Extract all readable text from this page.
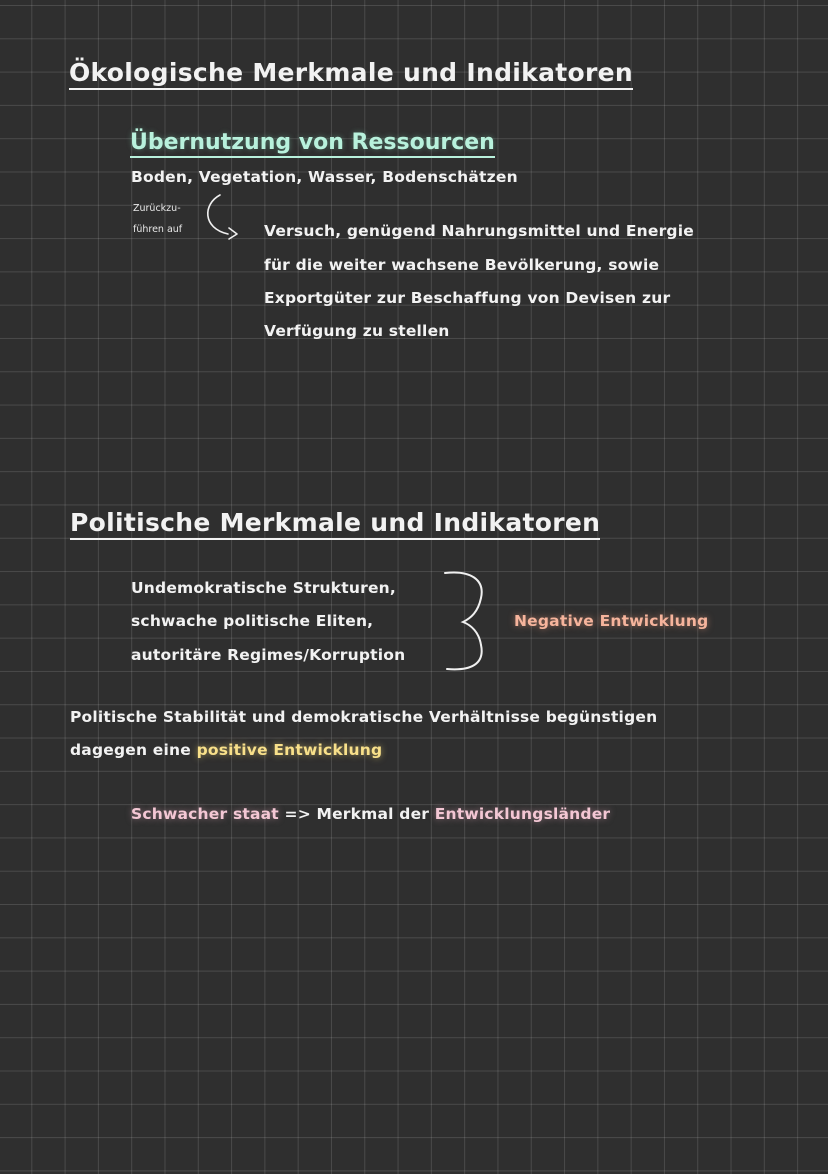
Ökologische Merkmale und Indikatoren
Übernutzung von Ressourcen
Boden, Vegetation, Wasser, Bodenschätzen
Zurückzu-
führen auf	Versuch, genügend Nahrungsmittel und Energie
für die weiter wachsene Bevölkerung, sowie
Exportgüter zur Beschaffung von Devisen zur
Verfügung zu stellen
Politische Merkmale und Indikatoren
Undemokratische Strukturen,
schwache politische Eliten,
autoritäre Regimes/Korruption
Negative Entwicklung
Politische Stabilität und demokratische Verhältnisse begünstigen
dagegen eine positive Entwicklung
Schwacher staat => Merkmal der Entwicklungsländer
